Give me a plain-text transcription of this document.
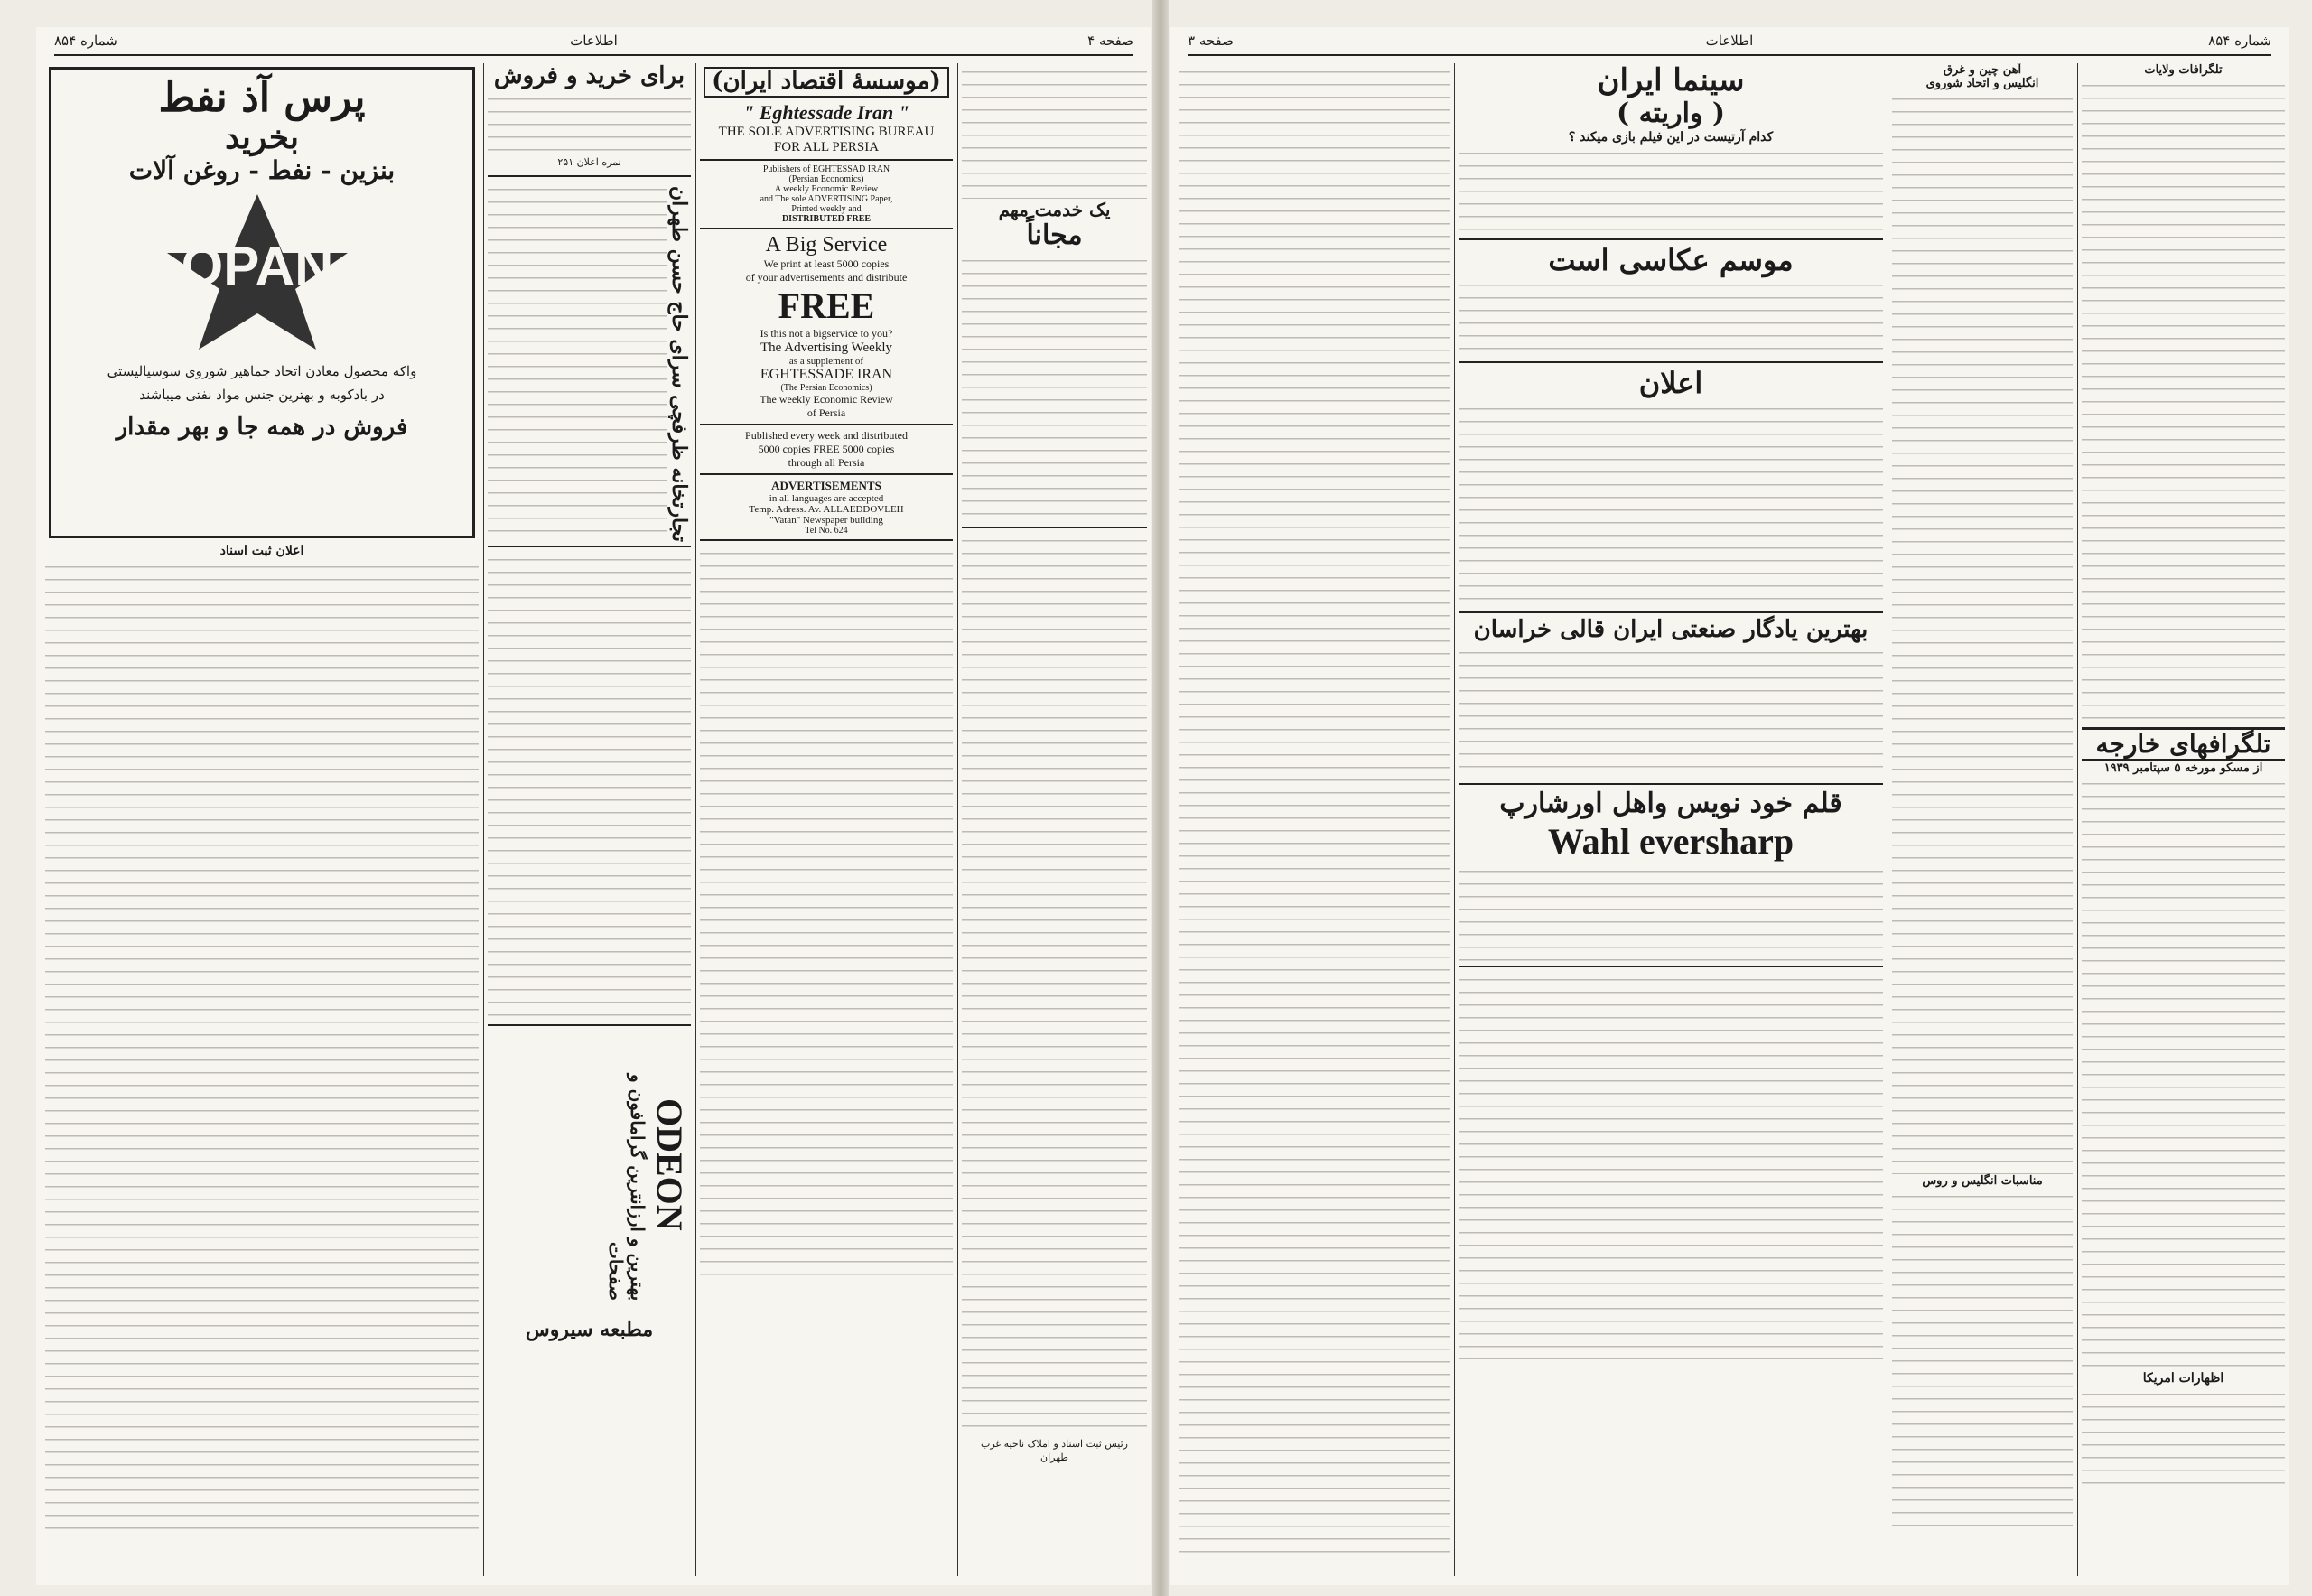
شماره ۸۵۴	اطلاعات	صفحه ۴
پرس آذ نفط
بخرید
بنزین - نفط - روغن آلات
OPAN
واکه محصول معادن اتحاد جماهیر شوروی سوسیالیستی
در بادکوبه و بهترین جنس مواد نفتی میباشند
فروش در همه جا و بهر مقدار
اعلان ثبت اسناد
برای خرید و فروش
نمره اعلان ۲۵۱
تجارتخانه ظرفچی سرای حاج حسن طهران
ODEON
بهترین و ارزانترین گرامافون و صفحات
مطبعه سیروس
(موسسهٔ اقتصاد ایران)
" Eghtessade Iran "
THE SOLE ADVERTISING BUREAU
FOR ALL PERSIA
Publishers of EGHTESSAD IRAN
(Persian Economics)
A weekly Economic Review
and The sole ADVERTISING Paper,
Printed weekly and
DISTRIBUTED FREE
A Big Service
We print at least 5000 copies
of your advertisements and distribute
FREE
Is this not a bigservice to you?
The Advertising Weekly
as a supplement of
EGHTESSADE IRAN
(The Persian Economics)
The weekly Economic Review
of Persia
Published every week and distributed
5000 copies FREE 5000 copies
through all Persia
ADVERTISEMENTS
in all languages are accepted
Temp. Adress. Av. ALLAEDDOVLEH
"Vatan" Newspaper building
Tel No. 624
یک خدمت مهم
مجاناً
رئیس ثبت اسناد و املاک ناحیه غرب طهران
صفحه ۳	اطلاعات	شماره ۸۵۴
سینما ایران
( واریته )
کدام آرتیست در این فیلم بازی میکند ؟
موسم عکاسی است
اعلان
بهترین یادگار صنعتی ایران قالی خراسان
قلم خود نویس واهل اورشارپ
Wahl eversharp
آهن چین و غرق
انگلیس و اتحاد شوروی
مناسبات انگلیس و روس
تلگرافات ولایات
تلگرافهای خارجه
از مسکو مورخه ۵ سپتامبر ۱۹۳۹
اظهارات امریکا
